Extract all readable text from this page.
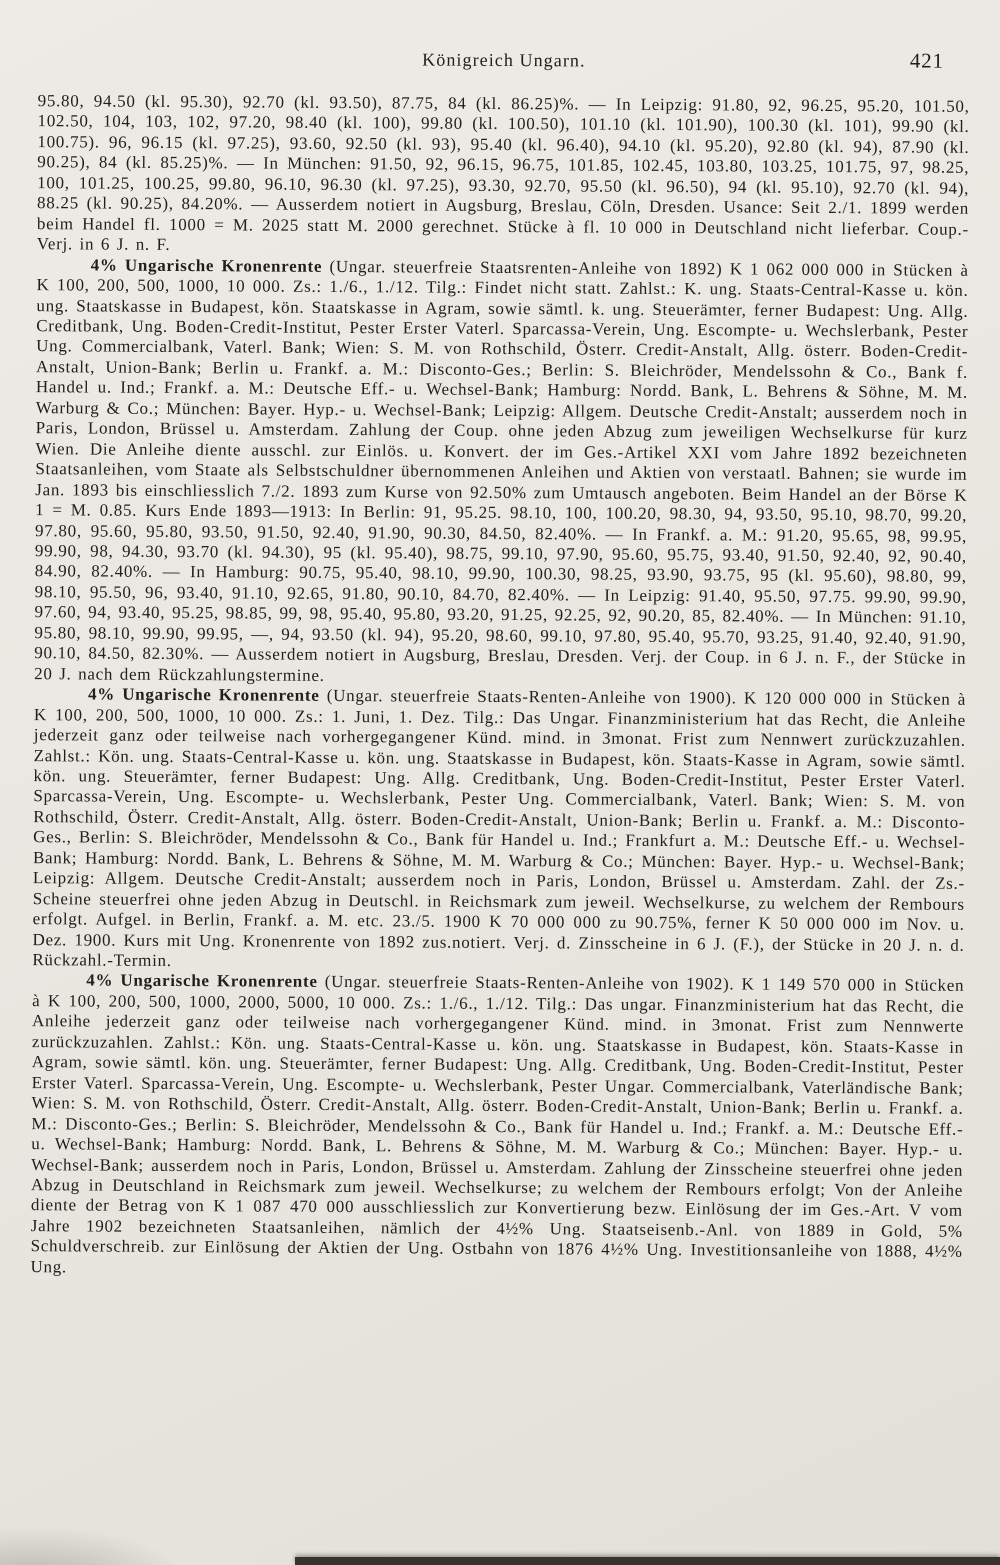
Königreich Ungarn.	421

95.80, 94.50 (kl. 95.30), 92.70 (kl. 93.50), 87.75, 84 (kl. 86.25)%. — In Leipzig: 91.80, 92, 96.25, 95.20, 101.50, 102.50, 104, 103, 102, 97.20, 98.40 (kl. 100), 99.80 (kl. 100.50), 101.10 (kl. 101.90), 100.30 (kl. 101), 99.90 (kl. 100.75). 96, 96.15 (kl. 97.25), 93.60, 92.50 (kl. 93), 95.40 (kl. 96.40), 94.10 (kl. 95.20), 92.80 (kl. 94), 87.90 (kl. 90.25), 84 (kl. 85.25)%. — In München: 91.50, 92, 96.15, 96.75, 101.85, 102.45, 103.80, 103.25, 101.75, 97, 98.25, 100, 101.25, 100.25, 99.80, 96.10, 96.30 (kl. 97.25), 93.30, 92.70, 95.50 (kl. 96.50), 94 (kl. 95.10), 92.70 (kl. 94), 88.25 (kl. 90.25), 84.20%. — Ausserdem notiert in Augsburg, Breslau, Cöln, Dresden. Usance: Seit 2./1. 1899 werden beim Handel fl. 1000 = M. 2025 statt M. 2000 gerechnet. Stücke à fl. 10 000 in Deutschland nicht lieferbar. Coup.-Verj. in 6 J. n. F.

4% Ungarische Kronenrente (Ungar. steuerfreie Staatsrenten-Anleihe von 1892) K 1 062 000 000 in Stücken à K 100, 200, 500, 1000, 10 000. Zs.: 1./6., 1./12. Tilg.: Findet nicht statt. Zahlst.: K. ung. Staats-Central-Kasse u. kön. ung. Staatskasse in Budapest, kön. Staatskasse in Agram, sowie sämtl. k. ung. Steuerämter, ferner Budapest: Ung. Allg. Creditbank, Ung. Boden-Credit-Institut, Pester Erster Vaterl. Sparcassa-Verein, Ung. Escompte- u. Wechslerbank, Pester Ung. Commercialbank, Vaterl. Bank; Wien: S. M. von Rothschild, Österr. Credit-Anstalt, Allg. österr. Boden-Credit-Anstalt, Union-Bank; Berlin u. Frankf. a. M.: Disconto-Ges.; Berlin: S. Bleichröder, Mendelssohn & Co., Bank f. Handel u. Ind.; Frankf. a. M.: Deutsche Eff.- u. Wechsel-Bank; Hamburg: Nordd. Bank, L. Behrens & Söhne, M. M. Warburg & Co.; München: Bayer. Hyp.- u. Wechsel-Bank; Leipzig: Allgem. Deutsche Credit-Anstalt; ausserdem noch in Paris, London, Brüssel u. Amsterdam. Zahlung der Coup. ohne jeden Abzug zum jeweiligen Wechselkurse für kurz Wien. Die Anleihe diente ausschl. zur Einlös. u. Konvert. der im Ges.-Artikel XXI vom Jahre 1892 bezeichneten Staatsanleihen, vom Staate als Selbstschuldner übernommenen Anleihen und Aktien von verstaatl. Bahnen; sie wurde im Jan. 1893 bis einschliesslich 7./2. 1893 zum Kurse von 92.50% zum Umtausch angeboten. Beim Handel an der Börse K 1 = M. 0.85. Kurs Ende 1893—1913: In Berlin: 91, 95.25. 98.10, 100, 100.20, 98.30, 94, 93.50, 95.10, 98.70, 99.20, 97.80, 95.60, 95.80, 93.50, 91.50, 92.40, 91.90, 90.30, 84.50, 82.40%. — In Frankf. a. M.: 91.20, 95.65, 98, 99.95, 99.90, 98, 94.30, 93.70 (kl. 94.30), 95 (kl. 95.40), 98.75, 99.10, 97.90, 95.60, 95.75, 93.40, 91.50, 92.40, 92, 90.40, 84.90, 82.40%. — In Hamburg: 90.75, 95.40, 98.10, 99.90, 100.30, 98.25, 93.90, 93.75, 95 (kl. 95.60), 98.80, 99, 98.10, 95.50, 96, 93.40, 91.10, 92.65, 91.80, 90.10, 84.70, 82.40%. — In Leipzig: 91.40, 95.50, 97.75. 99.90, 99.90, 97.60, 94, 93.40, 95.25, 98.85, 99, 98, 95.40, 95.80, 93.20, 91.25, 92.25, 92, 90.20, 85, 82.40%. — In München: 91.10, 95.80, 98.10, 99.90, 99.95, —, 94, 93.50 (kl. 94), 95.20, 98.60, 99.10, 97.80, 95.40, 95.70, 93.25, 91.40, 92.40, 91.90, 90.10, 84.50, 82.30%. — Ausserdem notiert in Augsburg, Breslau, Dresden. Verj. der Coup. in 6 J. n. F., der Stücke in 20 J. nach dem Rückzahlungstermine.

4% Ungarische Kronenrente (Ungar. steuerfreie Staats-Renten-Anleihe von 1900). K 120 000 000 in Stücken à K 100, 200, 500, 1000, 10 000. Zs.: 1. Juni, 1. Dez. Tilg.: Das Ungar. Finanzministerium hat das Recht, die Anleihe jederzeit ganz oder teilweise nach vorhergegangener Künd. mind. in 3monat. Frist zum Nennwert zurückzuzahlen. Zahlst.: Kön. ung. Staats-Central-Kasse u. kön. ung. Staatskasse in Budapest, kön. Staats-Kasse in Agram, sowie sämtl. kön. ung. Steuerämter, ferner Budapest: Ung. Allg. Creditbank, Ung. Boden-Credit-Institut, Pester Erster Vaterl. Sparcassa-Verein, Ung. Escompte- u. Wechslerbank, Pester Ung. Commercialbank, Vaterl. Bank; Wien: S. M. von Rothschild, Österr. Credit-Anstalt, Allg. österr. Boden-Credit-Anstalt, Union-Bank; Berlin u. Frankf. a. M.: Disconto-Ges., Berlin: S. Bleichröder, Mendelssohn & Co., Bank für Handel u. Ind.; Frankfurt a. M.: Deutsche Eff.- u. Wechsel-Bank; Hamburg: Nordd. Bank, L. Behrens & Söhne, M. M. Warburg & Co.; München: Bayer. Hyp.- u. Wechsel-Bank; Leipzig: Allgem. Deutsche Credit-Anstalt; ausserdem noch in Paris, London, Brüssel u. Amsterdam. Zahl. der Zs.-Scheine steuerfrei ohne jeden Abzug in Deutschl. in Reichsmark zum jeweil. Wechselkurse, zu welchem der Rembours erfolgt. Aufgel. in Berlin, Frankf. a. M. etc. 23./5. 1900 K 70 000 000 zu 90.75%, ferner K 50 000 000 im Nov. u. Dez. 1900. Kurs mit Ung. Kronenrente von 1892 zus.notiert. Verj. d. Zinsscheine in 6 J. (F.), der Stücke in 20 J. n. d. Rückzahl.-Termin.

4% Ungarische Kronenrente (Ungar. steuerfreie Staats-Renten-Anleihe von 1902). K 1 149 570 000 in Stücken à K 100, 200, 500, 1000, 2000, 5000, 10 000. Zs.: 1./6., 1./12. Tilg.: Das ungar. Finanzministerium hat das Recht, die Anleihe jederzeit ganz oder teilweise nach vorhergegangener Künd. mind. in 3monat. Frist zum Nennwerte zurückzuzahlen. Zahlst.: Kön. ung. Staats-Central-Kasse u. kön. ung. Staatskasse in Budapest, kön. Staats-Kasse in Agram, sowie sämtl. kön. ung. Steuerämter, ferner Budapest: Ung. Allg. Creditbank, Ung. Boden-Credit-Institut, Pester Erster Vaterl. Sparcassa-Verein, Ung. Escompte- u. Wechslerbank, Pester Ungar. Commercialbank, Vaterländische Bank; Wien: S. M. von Rothschild, Österr. Credit-Anstalt, Allg. österr. Boden-Credit-Anstalt, Union-Bank; Berlin u. Frankf. a. M.: Disconto-Ges.; Berlin: S. Bleichröder, Mendelssohn & Co., Bank für Handel u. Ind.; Frankf. a. M.: Deutsche Eff.- u. Wechsel-Bank; Hamburg: Nordd. Bank, L. Behrens & Söhne, M. M. Warburg & Co.; München: Bayer. Hyp.- u. Wechsel-Bank; ausserdem noch in Paris, London, Brüssel u. Amsterdam. Zahlung der Zinsscheine steuerfrei ohne jeden Abzug in Deutschland in Reichsmark zum jeweil. Wechselkurse; zu welchem der Rembours erfolgt; Von der Anleihe diente der Betrag von K 1 087 470 000 ausschliesslich zur Konvertierung bezw. Einlösung der im Ges.-Art. V vom Jahre 1902 bezeichneten Staatsanleihen, nämlich der 4½% Ung. Staatseisenb.-Anl. von 1889 in Gold, 5% Schuldverschreib. zur Einlösung der Aktien der Ung. Ostbahn von 1876 4½% Ung. Investitionsanleihe von 1888, 4½% Ung.
